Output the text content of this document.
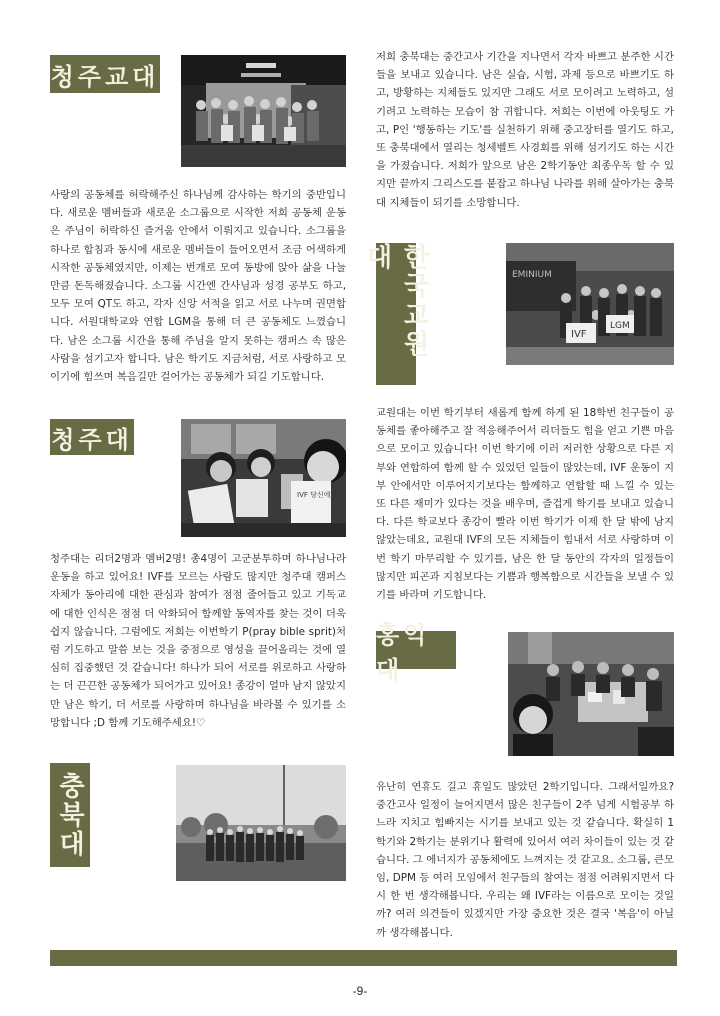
청주교대

사랑의 공동체를 허락해주신 하나님께 감사하는 학기의 중반입니다. 새로운 멤버들과 새로운 소그룹으로 시작한 저희 공동체 운동은 주님이 허락하신 즐거움 안에서 이뤄지고 있습니다. 소그룹을 하나로 합침과 동시에 새로운 멤버들이 들어오면서 조금 어색하게 시작한 공동체였지만, 이제는 번개로 모여 동방에 앉아 삶을 나눌 만큼 돈독해졌습니다. 소그룹 시간엔 간사님과 성경 공부도 하고, 모두 모여 QT도 하고, 각자 신앙 서적을 읽고 서로 나누며 권면합니다. 서원대학교와 연합 LGM을 통해 더 큰 공동체도 느꼈습니다. 남은 소그룹 시간을 통해 주님을 알지 못하는 캠퍼스 속 많은 사람을 섬기고자 합니다. 남은 학기도 지금처럼, 서로 사랑하고 모이기에 힘쓰며 복음길만 걸어가는 공동체가 되길 기도합니다.

청주대
IVF 당신에게

청주대는 리더2명과 멤버2명! 총4명이 고군분투하며 하나님나라 운동을 하고 있어요! IVF를 모르는 사람도 많지만 청주대 캠퍼스 자체가 동아리에 대한 관심과 참여가 점점 줄어들고 있고 기독교에 대한 인식은 점점 더 악화되어 함께할 동역자를 찾는 것이 더욱 쉽지 않습니다. 그럼에도 저희는 이번학기 P(pray bible sprit)처럼 기도하고 말씀 보는 것을 중점으로 영성을 끌어올리는 것에 열심히 집중했던 것 같습니다! 하나가 되어 서로를 위로하고 사랑하는 더 끈끈한 공동체가 되어가고 있어요! 종강이 얼마 남지 않았지만 남은 학기, 더 서로를 사랑하며 하나님을 바라볼 수 있기를 소망합니다 ;D 함께 기도해주세요!♡

충북대

저희 충북대는 중간고사 기간을 지나면서 각자 바쁘고 분주한 시간들을 보내고 있습니다. 남은 실습, 시험, 과제 등으로 바쁘기도 하고, 방황하는 지체들도 있지만 그래도 서로 모이려고 노력하고, 섬기려고 노력하는 모습이 참 귀합니다. 저희는 이번에 아웃팅도 가고, P인 '행동하는 기도'를 실천하기 위해 중고장터를 열기도 하고, 또 충북대에서 열리는 청세벨트 사경회를 위해 섬기기도 하는 시간을 가졌습니다. 저희가 앞으로 남은 2학기동안 최종우독 할 수 있지만 끝까지 그리스도를 붙잡고 하나님 나라를 위해 살아가는 충북대 지체들이 되기를 소망합니다.

한국교원대
EMINIUM
IVF
LGM

교원대는 이번 학기부터 새롭게 함께 하게 된 18학번 친구들이 공동체를 좋아해주고 잘 적응해주어서 리더들도 힘을 얻고 기쁜 마음으로 모이고 있습니다! 이번 학기에 이러 저러한 상황으로 다른 지부와 연합하여 함께 할 수 있었던 일들이 많았는데, IVF 운동이 지부 안에서만 이루어지기보다는 함께하고 연합할 때 느낄 수 있는 또 다른 재미가 있다는 것을 배우며, 즐겁게 학기를 보내고 있습니다. 다른 학교보다 종강이 빨라 이번 학기가 이제 한 달 밖에 남지 않았는데요, 교원대 IVF의 모든 지체들이 힘내서 서로 사랑하며 이번 학기 마무리할 수 있기를, 남은 한 달 동안의 각자의 일정들이 많지만 피곤과 지침보다는 기쁨과 행복함으로 시간들을 보낼 수 있기를 바라며 기도합니다.

홍익대

유난히 연휴도 길고 휴일도 많았던 2학기입니다. 그래서일까요? 중간고사 일정이 늘어지면서 많은 친구들이 2주 넘게 시험공부 하느라 지치고 힘빠지는 시기를 보내고 있는 것 같습니다. 확실히 1학기와 2학기는 분위기나 활력에 있어서 여러 차이들이 있는 것 같습니다. 그 에너지가 공동체에도 느껴지는 것 같고요. 소그룹, 큰모임, DPM 등 여러 모임에서 친구들의 참여는 점점 어려워지면서 다시 한 번 생각해봅니다. 우리는 왜 IVF라는 이름으로 모이는 것일까? 여러 의견들이 있겠지만 가장 중요한 것은 결국 '복음'이 아닐까 생각해봅니다.

-9-
